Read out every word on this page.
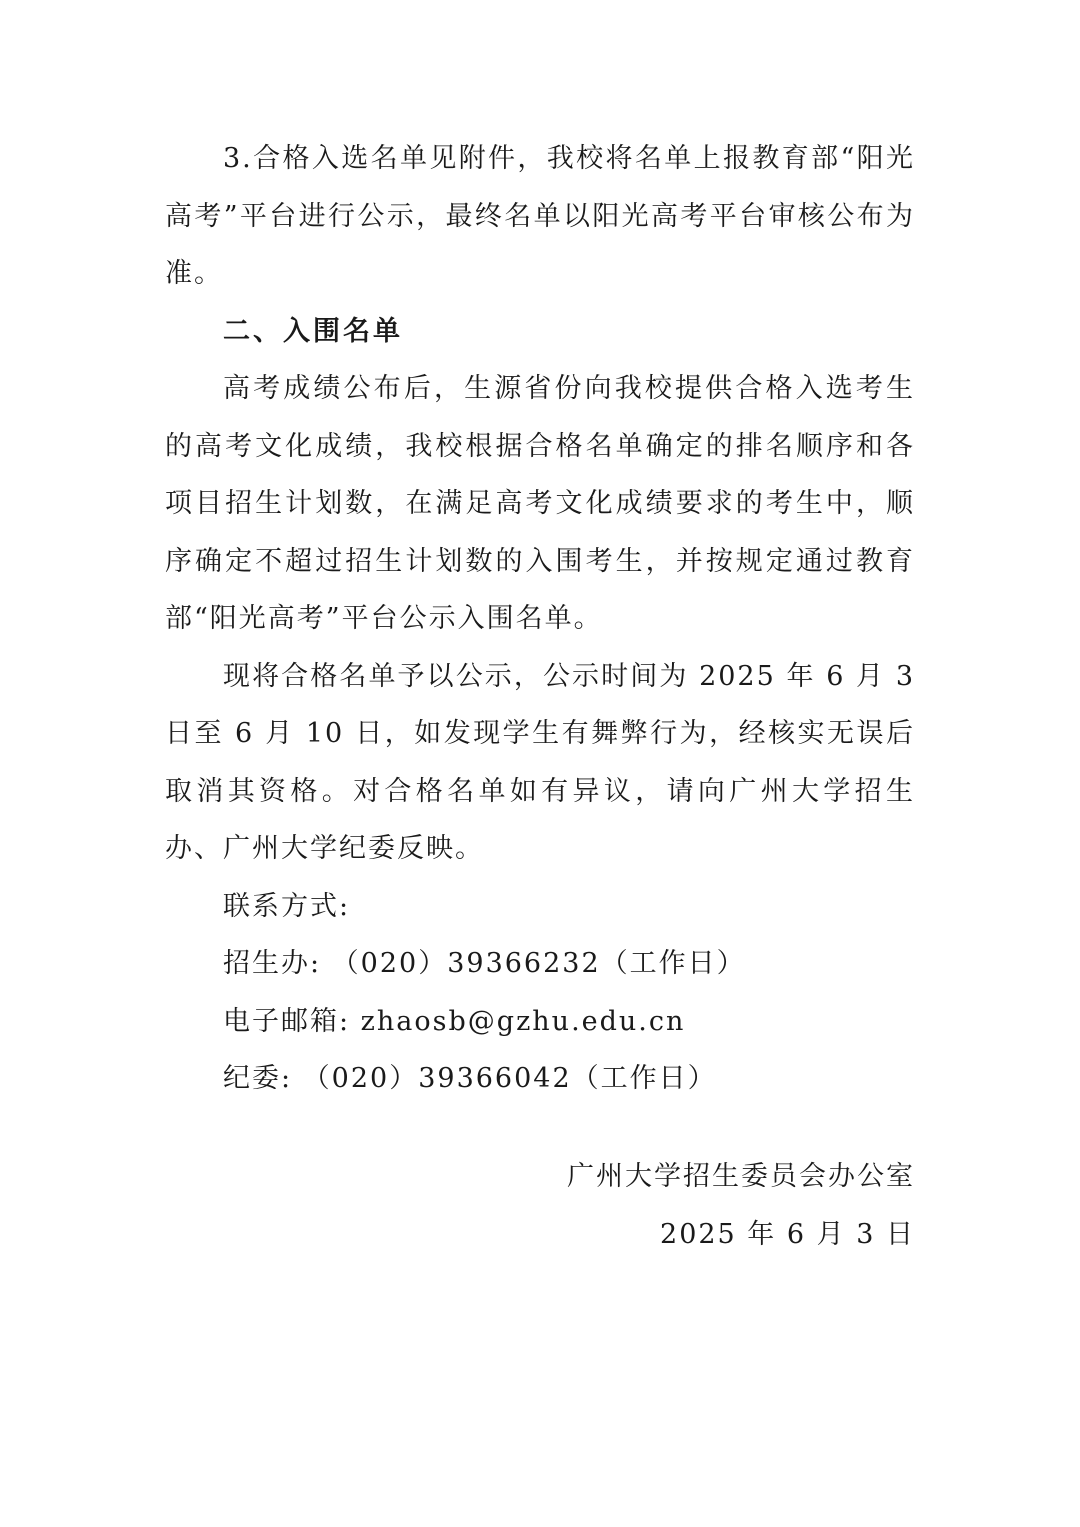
3.合格入选名单见附件，我校将名单上报教育部“阳光高考”平台进行公示，最终名单以阳光高考平台审核公布为准。

二、入围名单

高考成绩公布后，生源省份向我校提供合格入选考生的高考文化成绩，我校根据合格名单确定的排名顺序和各项目招生计划数，在满足高考文化成绩要求的考生中，顺序确定不超过招生计划数的入围考生，并按规定通过教育部“阳光高考”平台公示入围名单。

现将合格名单予以公示，公示时间为 2025 年 6 月 3 日至 6 月 10 日，如发现学生有舞弊行为，经核实无误后取消其资格。对合格名单如有异议，请向广州大学招生办、广州大学纪委反映。

联系方式:

招生办: （020）39366232（工作日）

电子邮箱: zhaosb@gzhu.edu.cn

纪委: （020）39366042（工作日）

广州大学招生委员会办公室
2025 年 6 月 3 日
